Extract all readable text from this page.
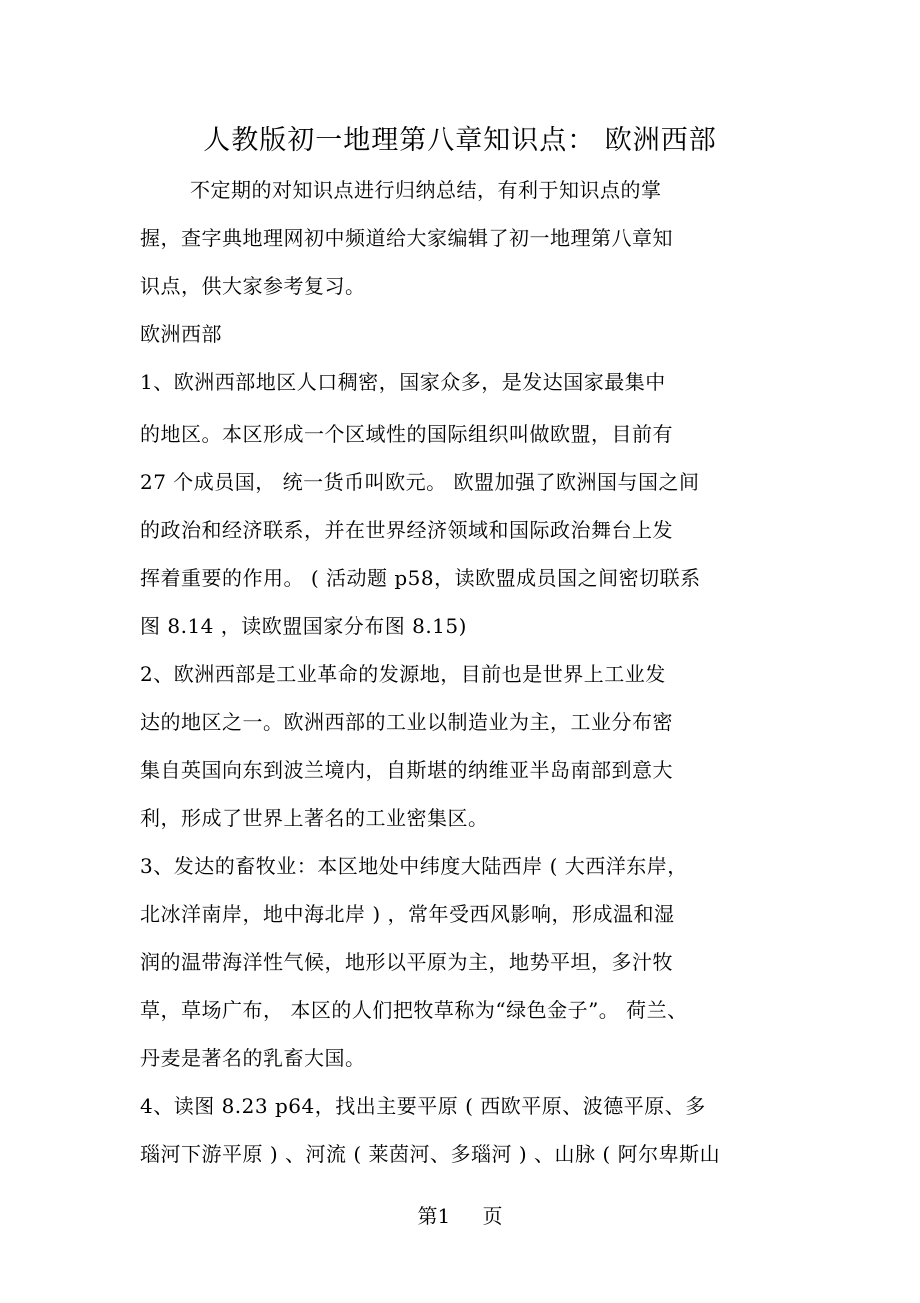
人教版初一地理第八章知识点： 欧洲西部
不定期的对知识点进行归纳总结，有利于知识点的掌
握，查字典地理网初中频道给大家编辑了初一地理第八章知
识点，供大家参考复习。
欧洲西部
1、欧洲西部地区人口稠密，国家众多，是发达国家最集中
的地区。本区形成一个区域性的国际组织叫做欧盟，目前有
27 个成员国， 统一货币叫欧元。 欧盟加强了欧洲国与国之间
的政治和经济联系，并在世界经济领域和国际政治舞台上发
挥着重要的作用。 ( 活动题 p58，读欧盟成员国之间密切联系
图 8.14 ，读欧盟国家分布图 8.15)
2、欧洲西部是工业革命的发源地，目前也是世界上工业发
达的地区之一。欧洲西部的工业以制造业为主，工业分布密
集自英国向东到波兰境内，自斯堪的纳维亚半岛南部到意大
利，形成了世界上著名的工业密集区。
3、发达的畜牧业：本区地处中纬度大陆西岸 ( 大西洋东岸，
北冰洋南岸，地中海北岸 ) ，常年受西风影响，形成温和湿
润的温带海洋性气候，地形以平原为主，地势平坦，多汁牧
草，草场广布， 本区的人们把牧草称为“绿色金子”。 荷兰、
丹麦是著名的乳畜大国。
4、读图 8.23 p64，找出主要平原 ( 西欧平原、波德平原、多
瑙河下游平原 ) 、河流 ( 莱茵河、多瑙河 ) 、山脉 ( 阿尔卑斯山
第1 页
